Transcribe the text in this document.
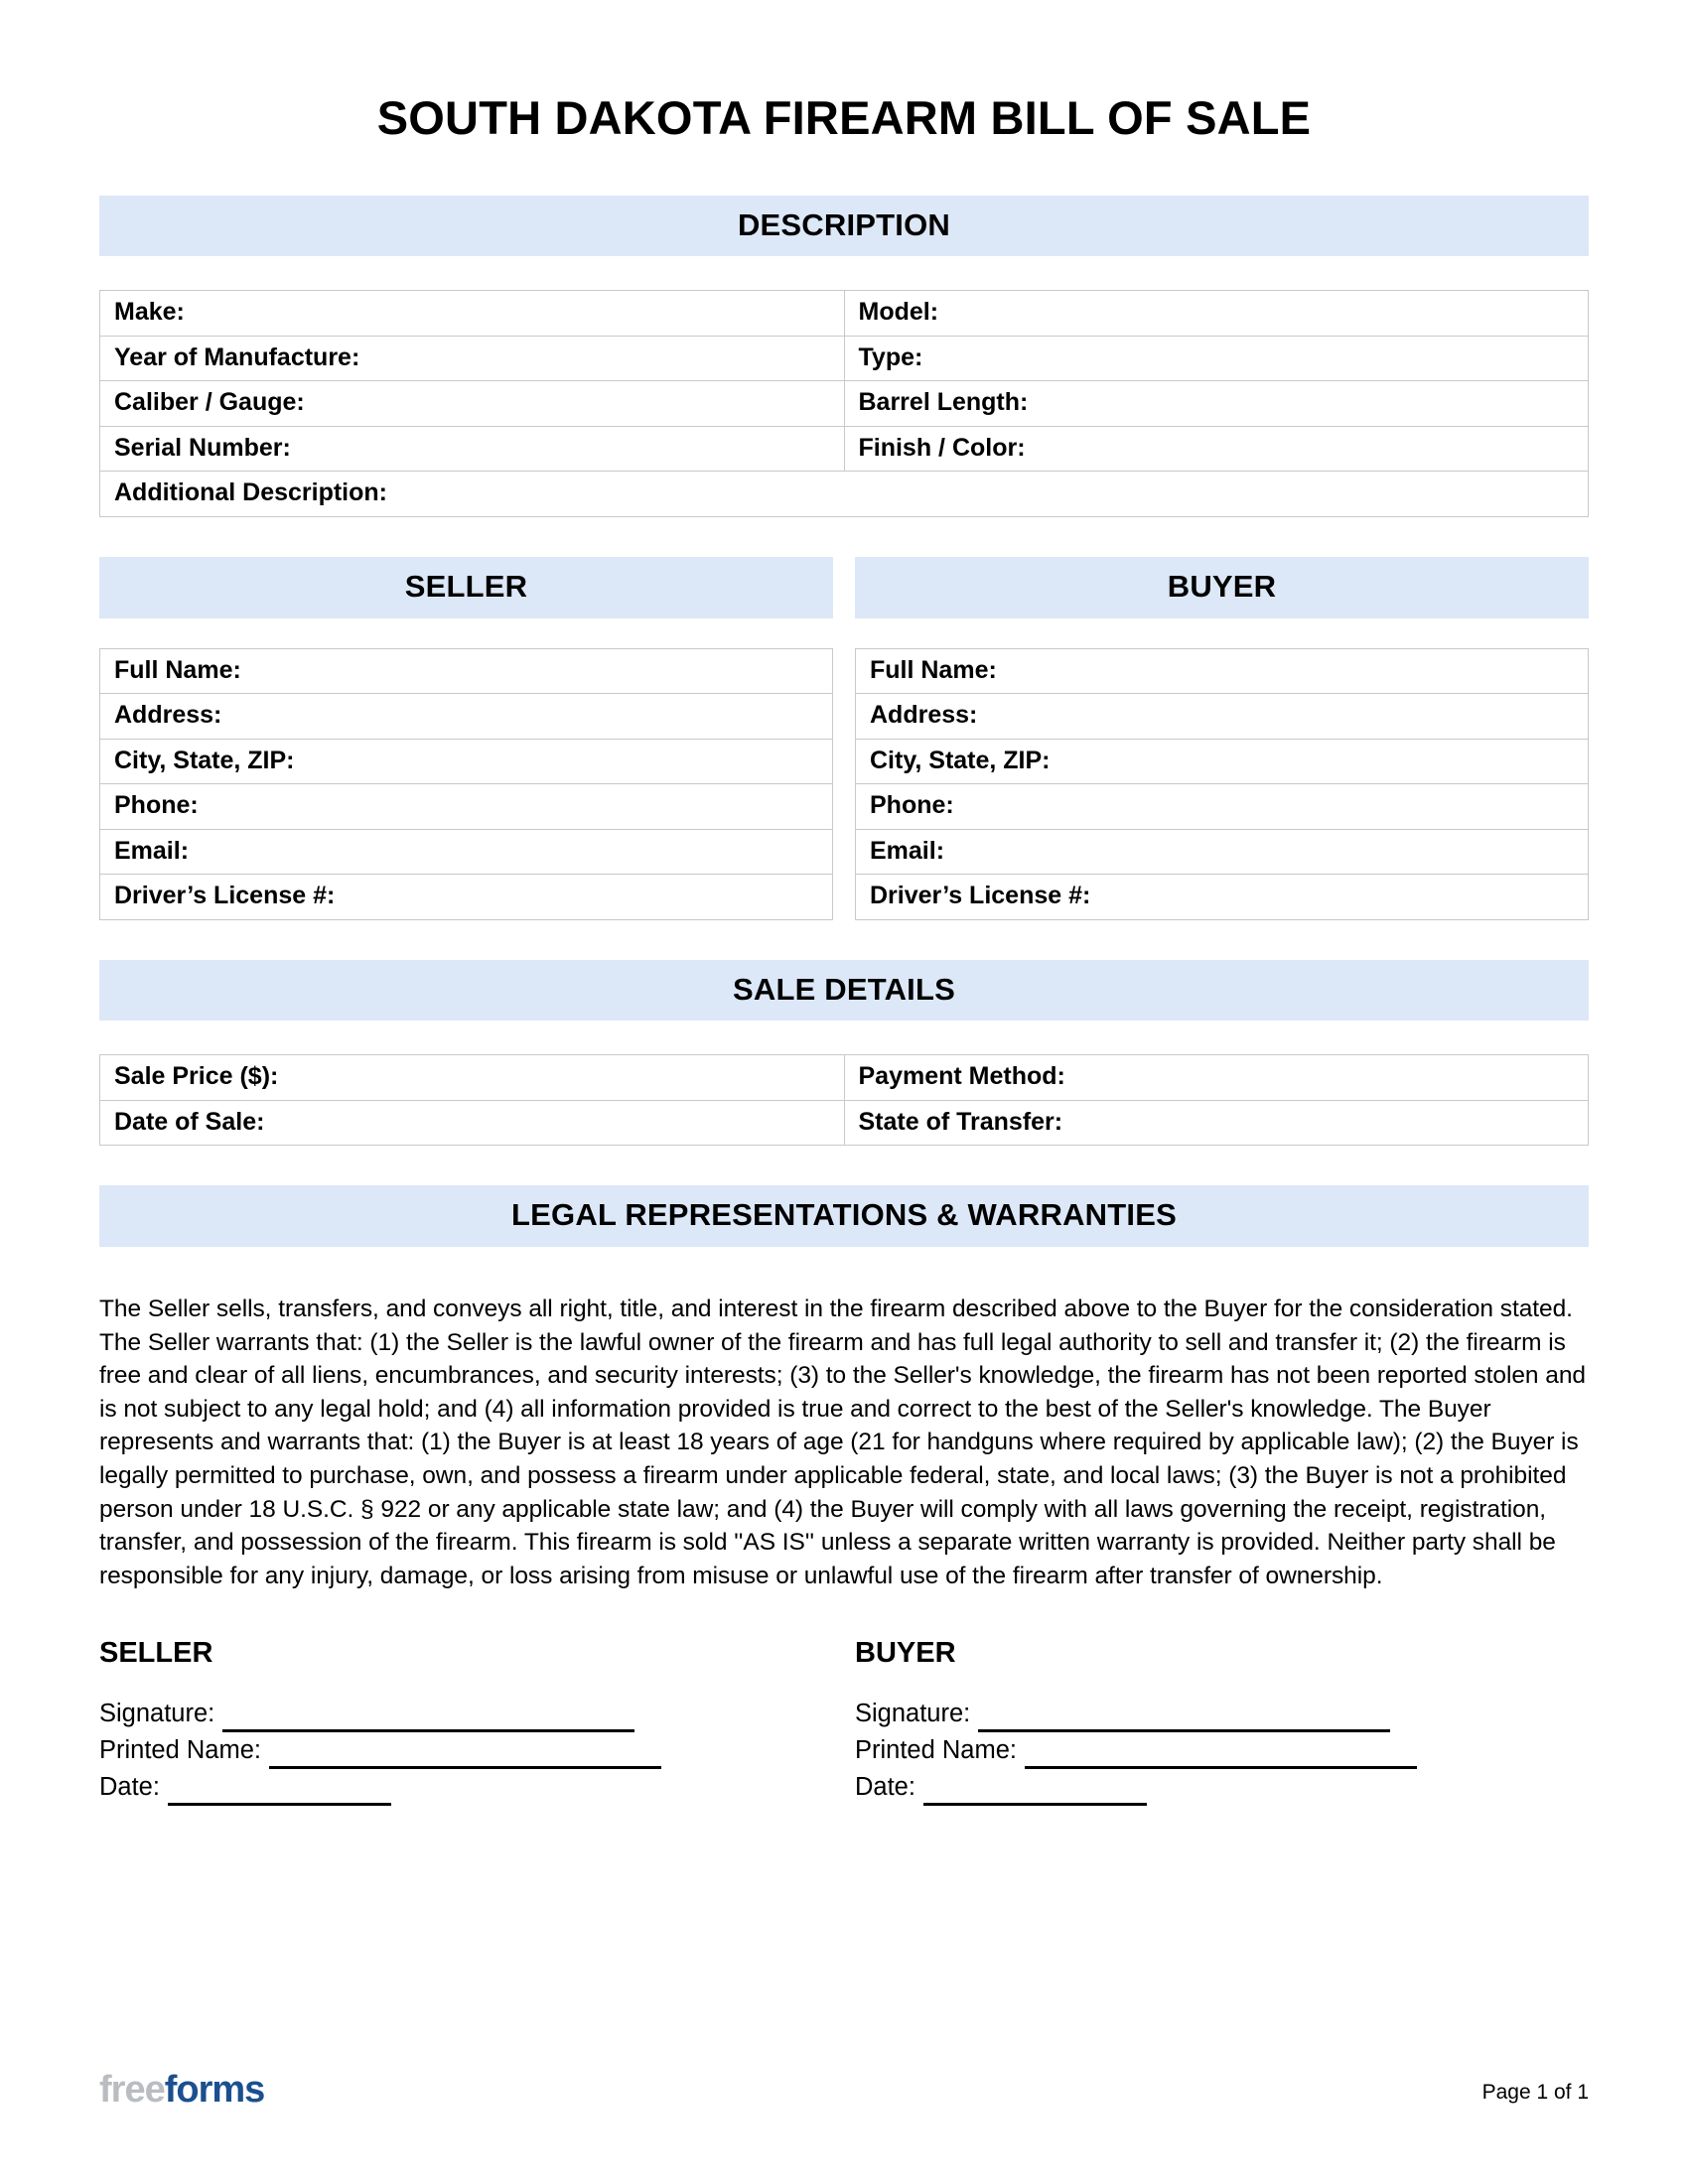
SOUTH DAKOTA FIREARM BILL OF SALE
DESCRIPTION
Make:	Model:
Year of Manufacture:	Type:
Caliber / Gauge:	Barrel Length:
Serial Number:	Finish / Color:
Additional Description:	
SELLER
Full Name:
Address:
City, State, ZIP:
Phone:
Email:
Driver’s License #:
BUYER
Full Name:
Address:
City, State, ZIP:
Phone:
Email:
Driver’s License #:
SALE DETAILS
Sale Price ($):	Payment Method:
Date of Sale:	State of Transfer:
LEGAL REPRESENTATIONS & WARRANTIES

The Seller sells, transfers, and conveys all right, title, and interest in the firearm described above to the Buyer for the consideration stated. The Seller warrants that: (1) the Seller is the lawful owner of the firearm and has full legal authority to sell and transfer it; (2) the firearm is free and clear of all liens, encumbrances, and security interests; (3) to the Seller's knowledge, the firearm has not been reported stolen and is not subject to any legal hold; and (4) all information provided is true and correct to the best of the Seller's knowledge. The Buyer represents and warrants that: (1) the Buyer is at least 18 years of age (21 for handguns where required by applicable law); (2) the Buyer is legally permitted to purchase, own, and possess a firearm under applicable federal, state, and local laws; (3) the Buyer is not a prohibited person under 18 U.S.C. § 922 or any applicable state law; and (4) the Buyer will comply with all laws governing the receipt, registration, transfer, and possession of the firearm. This firearm is sold ''AS IS'' unless a separate written warranty is provided. Neither party shall be responsible for any injury, damage, or loss arising from misuse or unlawful use of the firearm after transfer of ownership.

SELLER
Signature:
Printed Name:
Date:
BUYER
Signature:
Printed Name:
Date:
freeforms	Page 1 of 1
